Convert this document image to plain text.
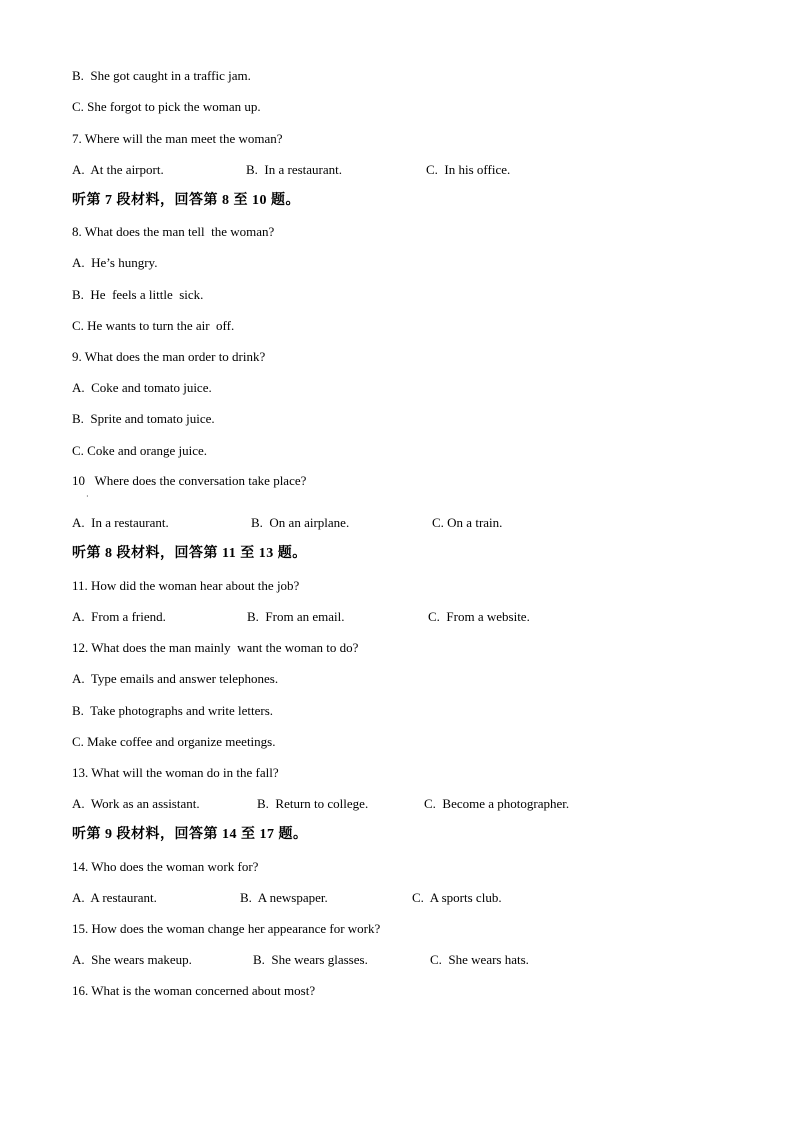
B.  She got caught in a traffic jam.
C. She forgot to pick the woman up.
7. Where will the man meet the woman?
A.  At the airport.	B.  In a restaurant.	C.  In his office.
听第 7 段材料，回答第 8 至 10 题。
8. What does the man tell  the woman?
A.  He’s hungry.
B.  He  feels a little  sick.
C. He wants to turn the air  off.
9. What does the man order to drink?
A.  Coke and tomato juice.
B.  Sprite and tomato juice.
C. Coke and orange juice.
10   Where does the conversation take place?
·
A.  In a restaurant.	B.  On an airplane.	C. On a train.
听第 8 段材料，回答第 11 至 13 题。
11. How did the woman hear about the job?
A.  From a friend.	B.  From an email.	C.  From a website.
12. What does the man mainly  want the woman to do?
A.  Type emails and answer telephones.
B.  Take photographs and write letters.
C. Make coffee and organize meetings.
13. What will the woman do in the fall?
A.  Work as an assistant.	B.  Return to college.	C.  Become a photographer.
听第 9 段材料，回答第 14 至 17 题。
14. Who does the woman work for?
A.  A restaurant.	B.  A newspaper.	C.  A sports club.
15. How does the woman change her appearance for work?
A.  She wears makeup.	B.  She wears glasses.	C.  She wears hats.
16. What is the woman concerned about most?
